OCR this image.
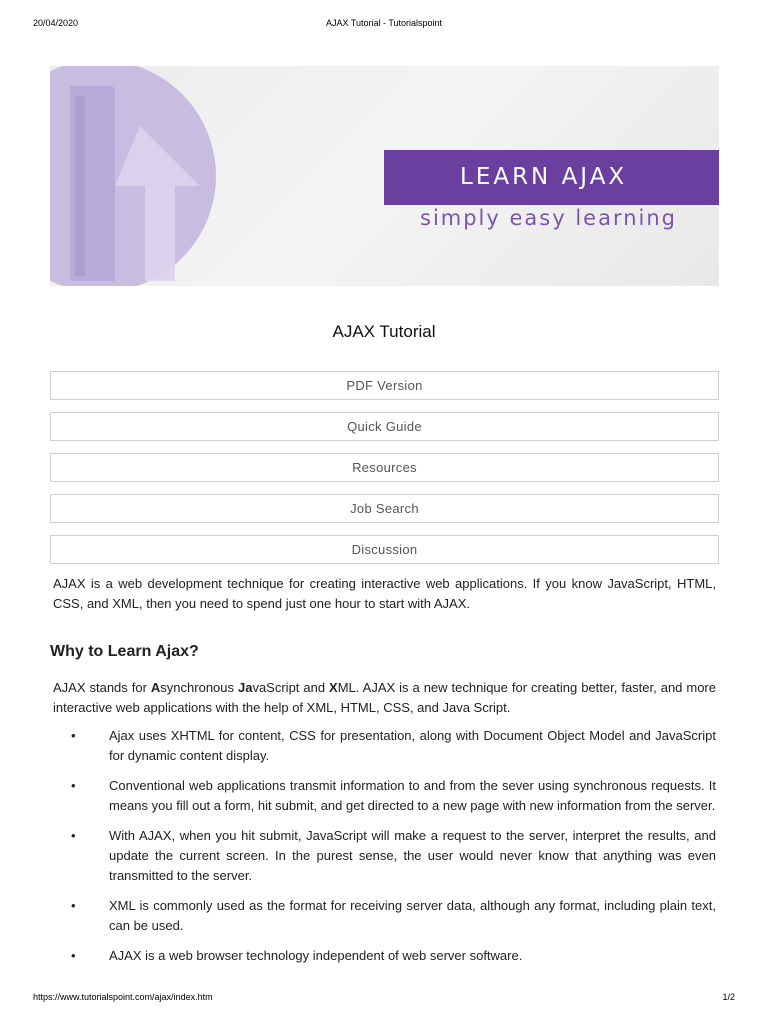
20/04/2020	AJAX Tutorial - Tutorialspoint
LEARN AJAX
simply easy learning
AJAX Tutorial
PDF Version
Quick Guide
Resources
Job Search
Discussion

AJAX is a web development technique for creating interactive web applications. If you know JavaScript, HTML, CSS, and XML, then you need to spend just one hour to start with AJAX.

Why to Learn Ajax?

AJAX stands for Asynchronous JavaScript and XML. AJAX is a new technique for creating better, faster, and more interactive web applications with the help of XML, HTML, CSS, and Java Script.

•	Ajax uses XHTML for content, CSS for presentation, along with Document Object Model and JavaScript for dynamic content display.
•	Conventional web applications transmit information to and from the sever using synchronous requests. It means you fill out a form, hit submit, and get directed to a new page with new information from the server.
•	With AJAX, when you hit submit, JavaScript will make a request to the server, interpret the results, and update the current screen. In the purest sense, the user would never know that anything was even transmitted to the server.
•	XML is commonly used as the format for receiving server data, although any format, including plain text, can be used.
•	AJAX is a web browser technology independent of web server software.
https://www.tutorialspoint.com/ajax/index.htm	1/2
